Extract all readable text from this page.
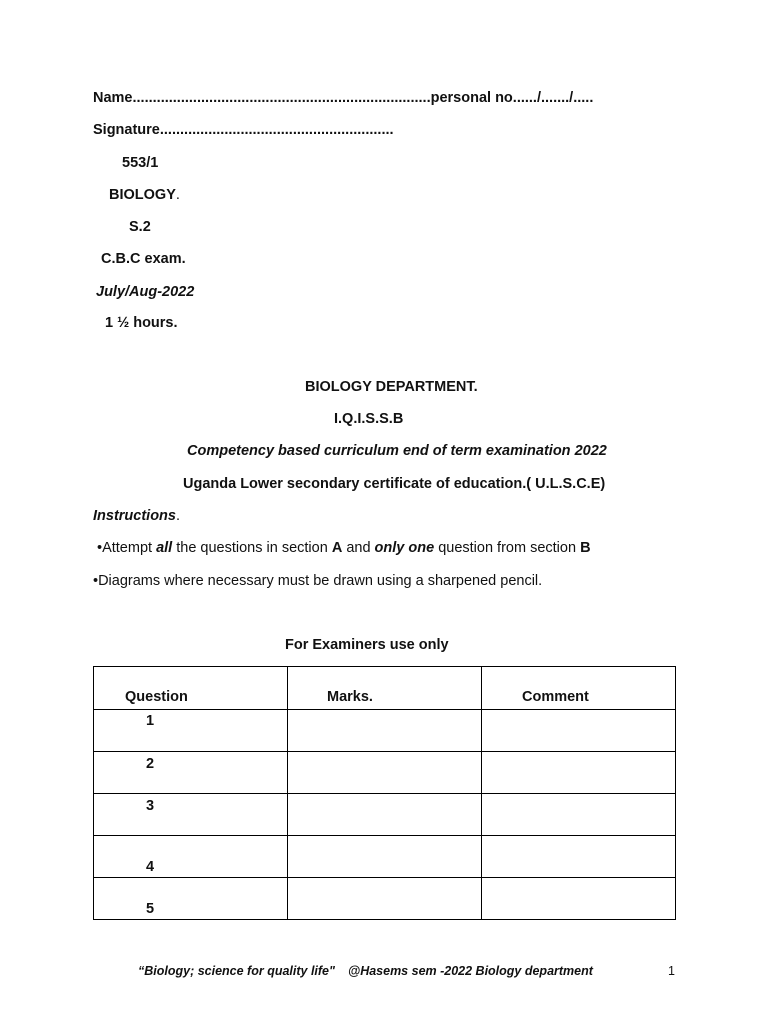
Name..........................................................................personal no....../......./.....
Signature..........................................................
553/1
BIOLOGY.
S.2
C.B.C exam.
July/Aug-2022
1 ½ hours.
BIOLOGY DEPARTMENT.
I.Q.I.S.S.B
Competency based curriculum end of term examination 2022
Uganda Lower secondary certificate of education.( U.L.S.C.E)
Instructions.
•Attempt all the questions in section A and only one question from section B
•Diagrams where necessary must be drawn using a sharpened pencil.
For Examiners use only
Question	Marks.	Comment

1		

2		

3		

4		

5		

“Biology; science for quality life" @Hasems sem -2022 Biology department	1
